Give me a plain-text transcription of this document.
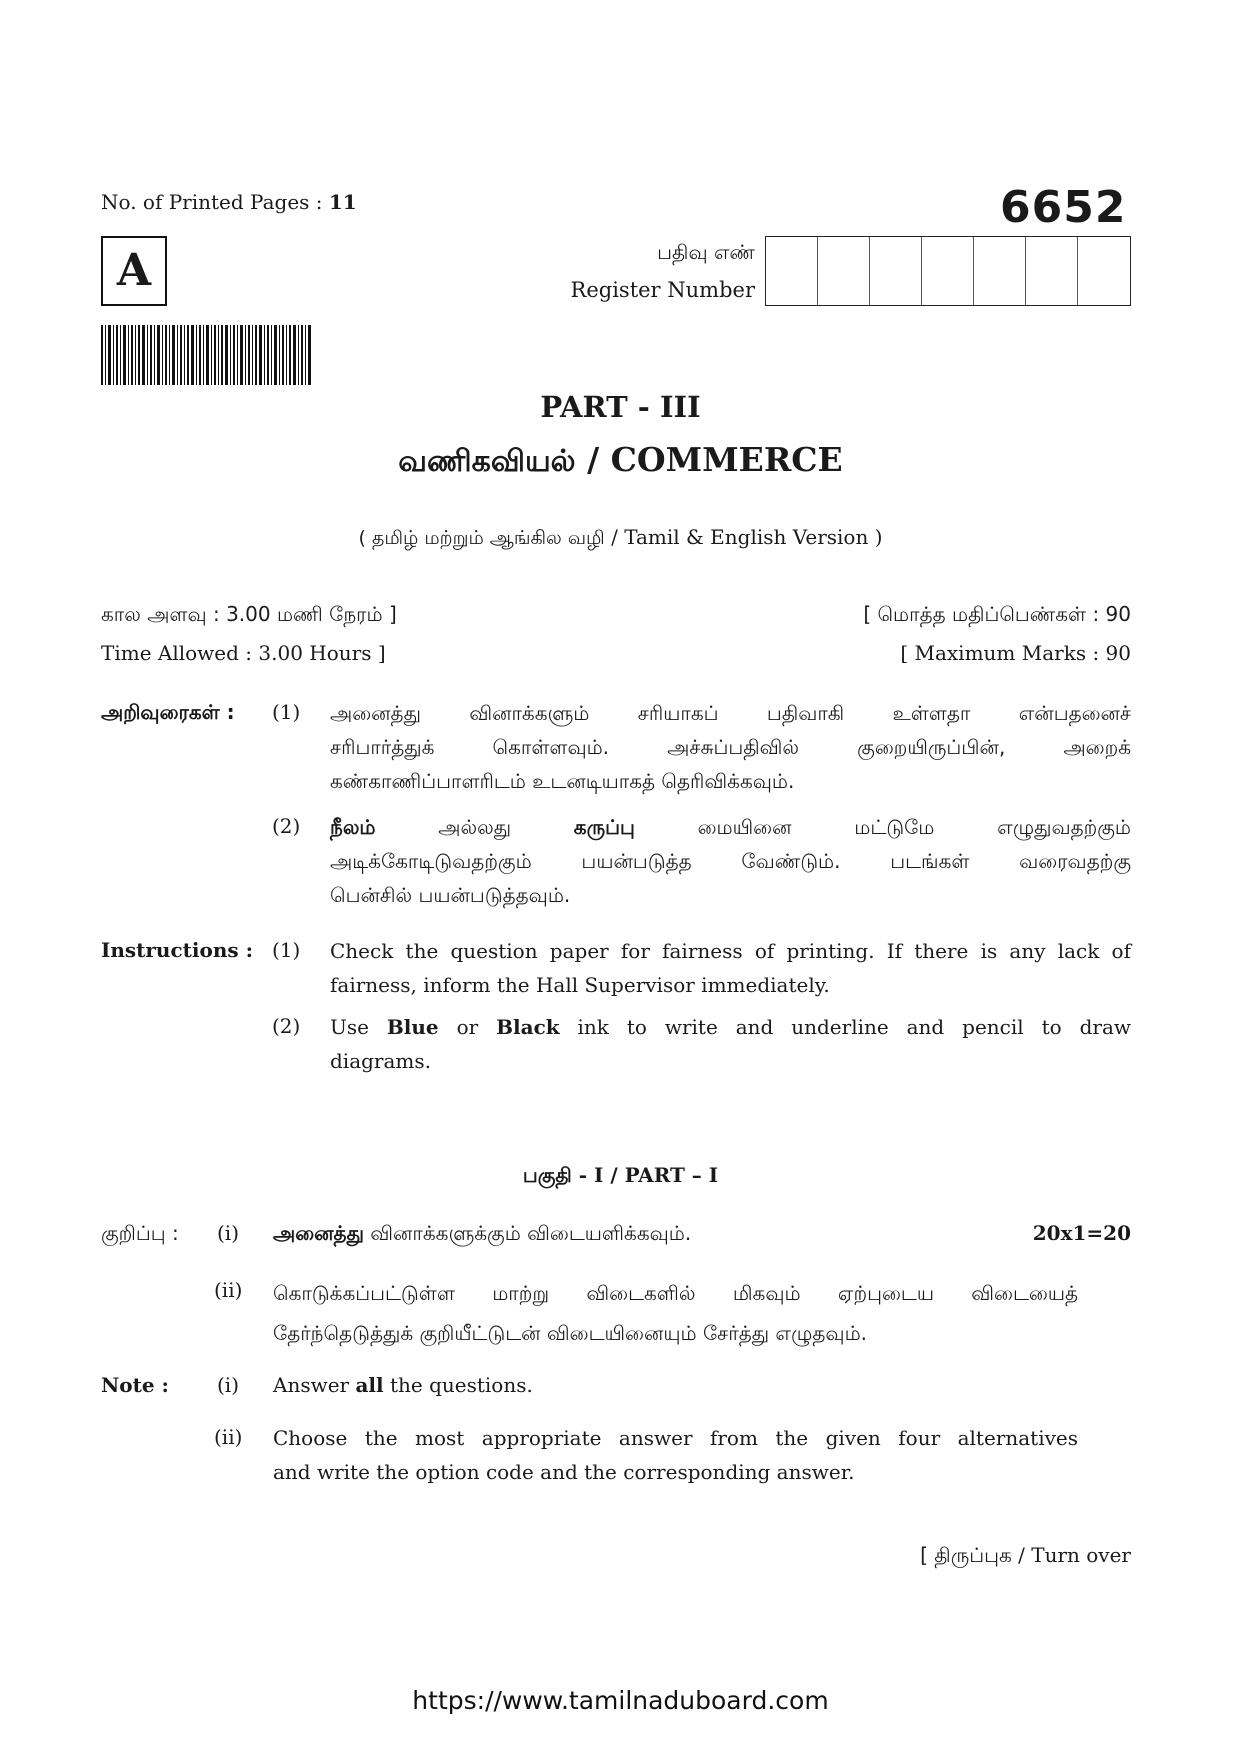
No. of Printed Pages : 11	6652
A	பதிவு எண்
Register Number
PART - III
வணிகவியல் / COMMERCE
( தமிழ் மற்றும் ஆங்கில வழி / Tamil & English Version )
கால அளவு : 3.00 மணி நேரம் ]	[ மொத்த மதிப்பெண்கள் : 90
Time Allowed : 3.00 Hours ]	[ Maximum Marks : 90
அறிவுரைகள் : (1) அனைத்து வினாக்களும் சரியாகப் பதிவாகி உள்ளதா என்பதனைச்
சரிபார்த்துக் கொள்ளவும். அச்சுப்பதிவில் குறையிருப்பின், அறைக்
கண்காணிப்பாளரிடம் உடனடியாகத் தெரிவிக்கவும்.
(2) நீலம் அல்லது கருப்பு மையினை மட்டுமே எழுதுவதற்கும்
அடிக்கோடிடுவதற்கும் பயன்படுத்த வேண்டும். படங்கள் வரைவதற்கு
பென்சில் பயன்படுத்தவும்.
Instructions : (1) Check the question paper for fairness of printing. If there is any lack of
fairness, inform the Hall Supervisor immediately.
(2) Use Blue or Black ink to write and underline and pencil to draw
diagrams.
பகுதி - I / PART – I
குறிப்பு : (i) அனைத்து வினாக்களுக்கும் விடையளிக்கவும்.	20x1=20
(ii) கொடுக்கப்பட்டுள்ள மாற்று விடைகளில் மிகவும் ஏற்புடைய விடையைத்
தேர்ந்தெடுத்துக் குறியீட்டுடன் விடையினையும் சேர்த்து எழுதவும்.
Note : (i) Answer all the questions.
(ii) Choose the most appropriate answer from the given four alternatives
and write the option code and the corresponding answer.
[ திருப்புக / Turn over
https://www.tamilnaduboard.com
